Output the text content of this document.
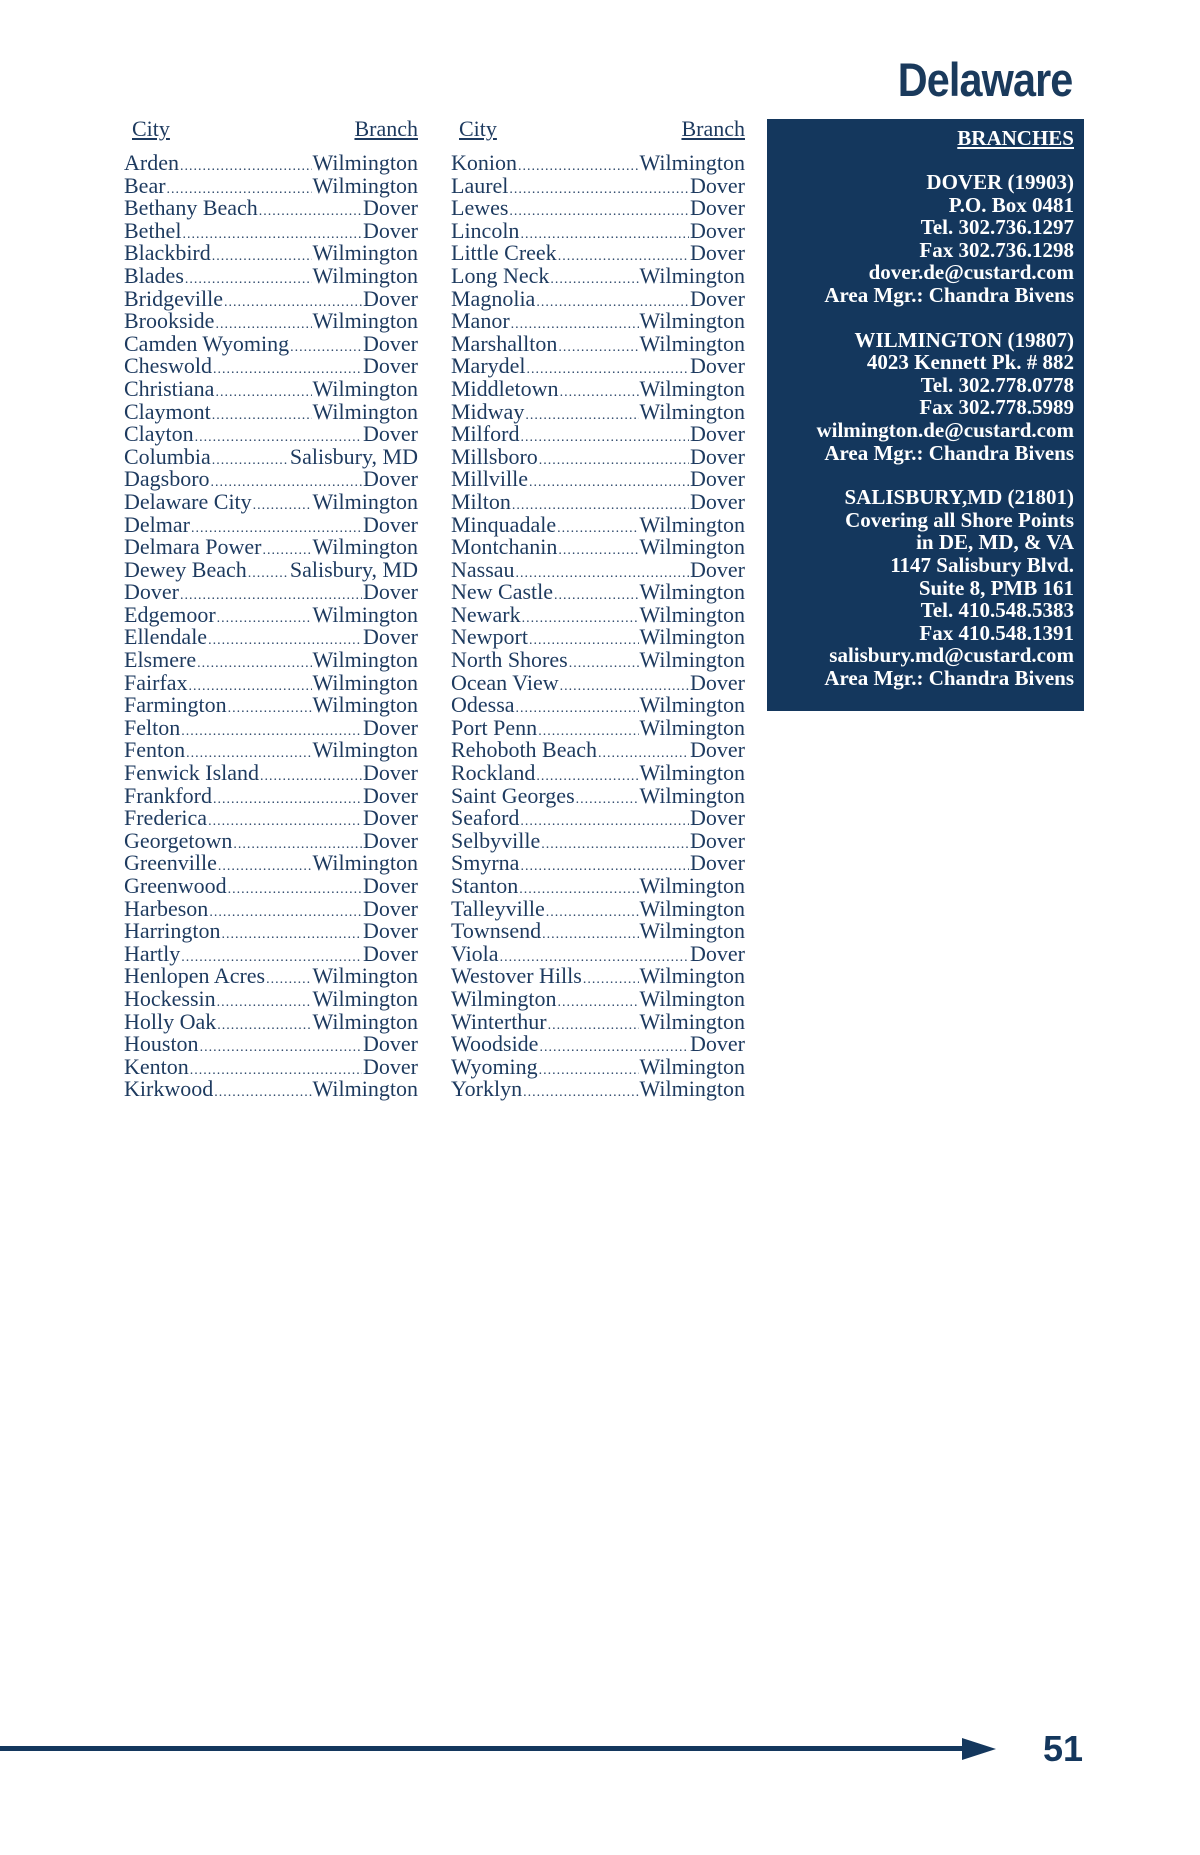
Delaware
City	Branch
Arden .....	Wilmington
Bear .....	Wilmington
Bethany Beach .....	Dover
Bethel .....	Dover
Blackbird .....	Wilmington
Blades .....	Wilmington
Bridgeville .....	Dover
Brookside .....	Wilmington
Camden Wyoming .....	Dover
Cheswold .....	Dover
Christiana .....	Wilmington
Claymont .....	Wilmington
Clayton .....	Dover
Columbia .....	Salisbury, MD
Dagsboro .....	Dover
Delaware City .....	Wilmington
Delmar .....	Dover
Delmara Power ..... Wilmington
Dewey Beach ..... Salisbury, MD
Dover .....	Dover
Edgemoor .....	Wilmington
Ellendale .....	Dover
Elsmere .....	Wilmington
Fairfax .....	Wilmington
Farmington .....	Wilmington
Felton .....	Dover
Fenton .....	Wilmington
Fenwick Island .....	Dover
Frankford .....	Dover
Frederica .....	Dover
Georgetown .....	Dover
Greenville .....	Wilmington
Greenwood .....	Dover
Harbeson .....	Dover
Harrington .....	Dover
Hartly .....	Dover
Henlopen Acres ..... Wilmington
Hockessin .....	Wilmington
Holly Oak .....	Wilmington
Houston .....	Dover
Kenton .....	Dover
Kirkwood .....	Wilmington
City	Branch
Konion .....	Wilmington
Laurel .....	Dover
Lewes .....	Dover
Lincoln .....	Dover
Little Creek .....	Dover
Long Neck .....	Wilmington
Magnolia .....	Dover
Manor .....	Wilmington
Marshallton .....	Wilmington
Marydel .....	Dover
Middletown .....	Wilmington
Midway .....	Wilmington
Milford .....	Dover
Millsboro .....	Dover
Millville .....	Dover
Milton .....	Dover
Minquadale .....	Wilmington
Montchanin .....	Wilmington
Nassau .....	Dover
New Castle .....	Wilmington
Newark .....	Wilmington
Newport .....	Wilmington
North Shores .....	Wilmington
Ocean View .....	Dover
Odessa .....	Wilmington
Port Penn .....	Wilmington
Rehoboth Beach .....	Dover
Rockland .....	Wilmington
Saint Georges .....	Wilmington
Seaford .....	Dover
Selbyville .....	Dover
Smyrna .....	Dover
Stanton .....	Wilmington
Talleyville .....	Wilmington
Townsend .....	Wilmington
Viola .....	Dover
Westover Hills .....	Wilmington
Wilmington .....	Wilmington
Winterthur .....	Wilmington
Woodside .....	Dover
Wyoming .....	Wilmington
Yorklyn .....	Wilmington
BRANCHES
DOVER (19903)
P.O. Box 0481
Tel. 302.736.1297
Fax 302.736.1298
dover.de@custard.com
Area Mgr.: Chandra Bivens
WILMINGTON (19807)
4023 Kennett Pk. # 882
Tel. 302.778.0778
Fax 302.778.5989
wilmington.de@custard.com
Area Mgr.: Chandra Bivens
SALISBURY,MD (21801)
Covering all Shore Points
in DE, MD, & VA
1147 Salisbury Blvd.
Suite 8, PMB 161
Tel. 410.548.5383
Fax 410.548.1391
salisbury.md@custard.com
Area Mgr.: Chandra Bivens
51
